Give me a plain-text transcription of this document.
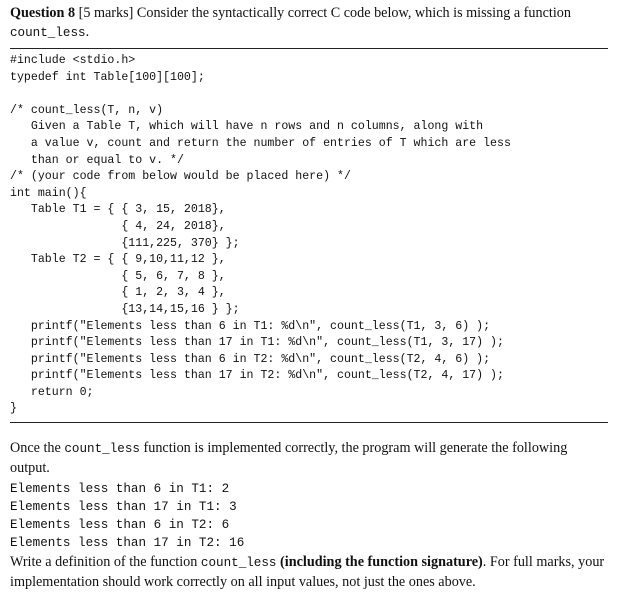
Question 8 [5 marks] Consider the syntactically correct C code below, which is missing a function count_less.

#include <stdio.h>
typedef int Table[100][100];

/* count_less(T, n, v)
Given a Table T, which will have n rows and n columns, along with
a value v, count and return the number of entries of T which are less
than or equal to v. */
/* (your code from below would be placed here) */
int main(){
Table T1 = { { 3, 15, 2018},
{ 4, 24, 2018},
{111,225, 370} };
Table T2 = { { 9,10,11,12 },
{ 5, 6, 7, 8 },
{ 1, 2, 3, 4 },
{13,14,15,16 } };
printf("Elements less than 6 in T1: %d\n", count_less(T1, 3, 6) );
printf("Elements less than 17 in T1: %d\n", count_less(T1, 3, 17) );
printf("Elements less than 6 in T2: %d\n", count_less(T2, 4, 6) );
printf("Elements less than 17 in T2: %d\n", count_less(T2, 4, 17) );
return 0;
}

Once the count_less function is implemented correctly, the program will generate the following output.

Elements less than 6 in T1: 2
Elements less than 17 in T1: 3
Elements less than 6 in T2: 6
Elements less than 17 in T2: 16

Write a definition of the function count_less (including the function signature). For full marks, your implementation should work correctly on all input values, not just the ones above.
